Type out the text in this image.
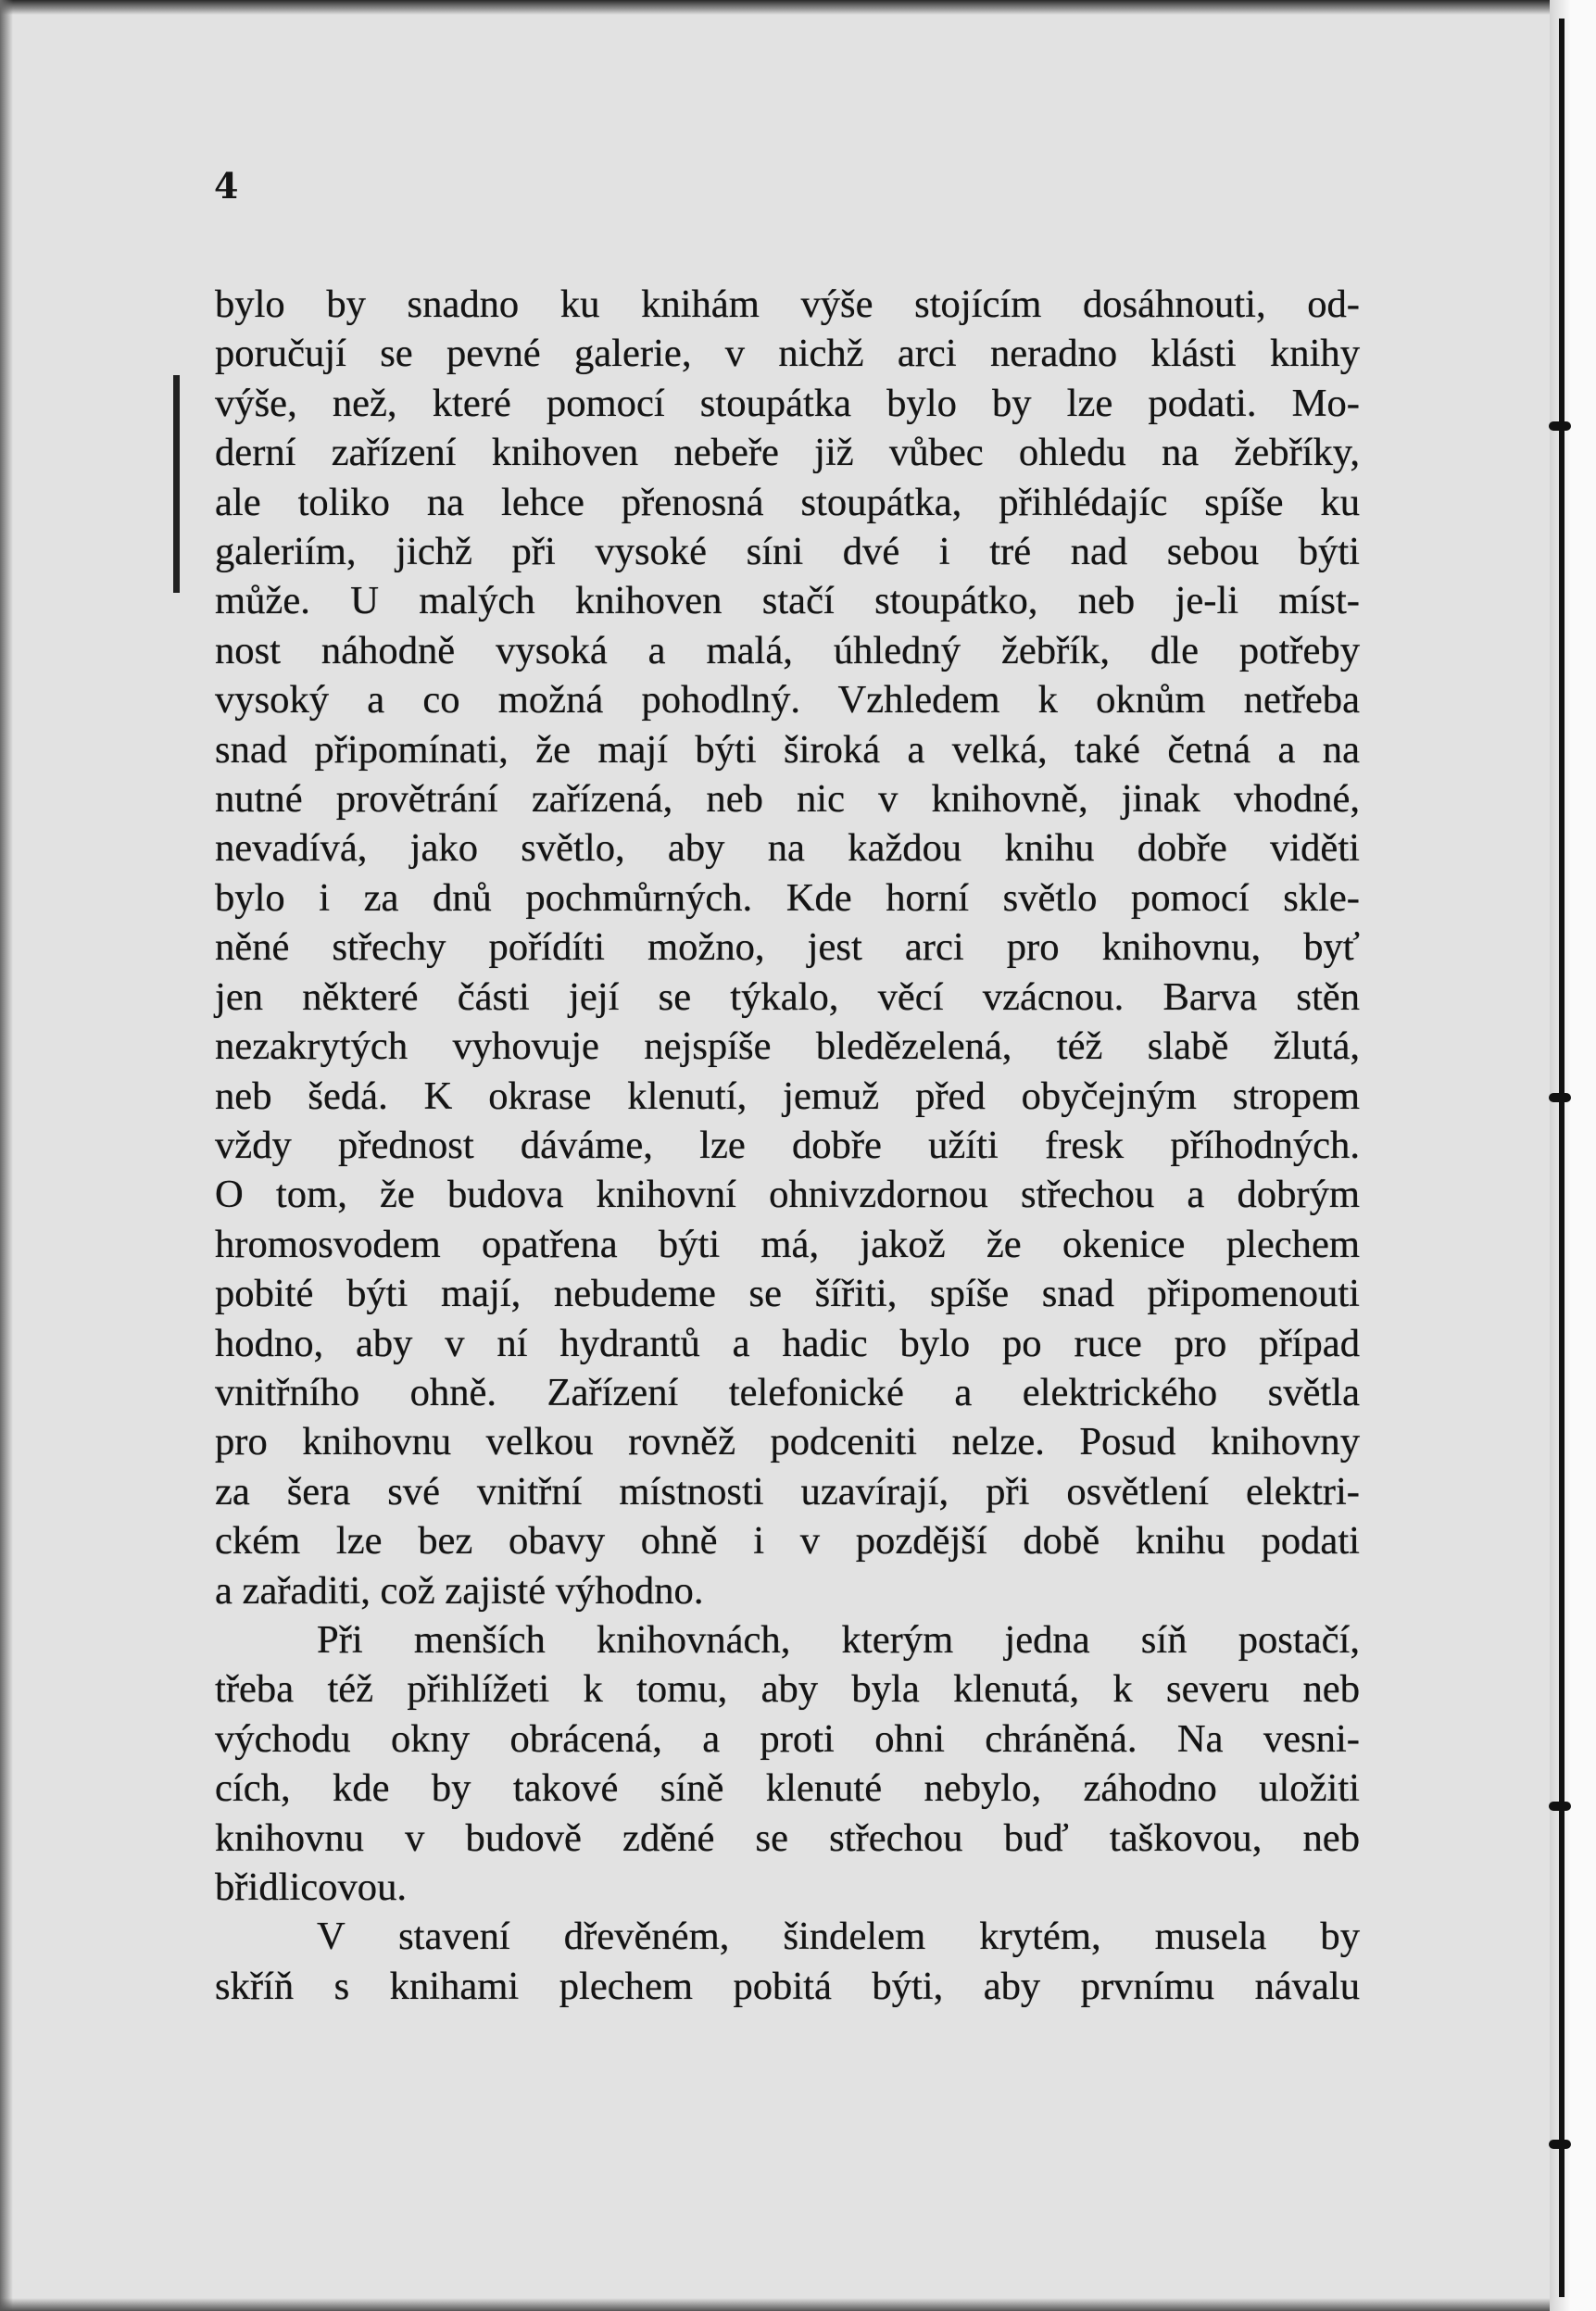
4
bylo by snadno ku knihám výše stojícím dosáhnouti, od-
poručují se pevné galerie, v nichž arci neradno klásti knihy
výše, než, které pomocí stoupátka bylo by lze podati. Mo-
derní zařízení knihoven nebeře již vůbec ohledu na žebříky,
ale toliko na lehce přenosná stoupátka, přihlédajíc spíše ku
galeriím, jichž při vysoké síni dvé i tré nad sebou býti
může. U malých knihoven stačí stoupátko, neb je-li míst-
nost náhodně vysoká a malá, úhledný žebřík, dle potřeby
vysoký a co možná pohodlný. Vzhledem k oknům netřeba
snad připomínati, že mají býti široká a velká, také četná a na
nutné provětrání zařízená, neb nic v knihovně, jinak vhodné,
nevadívá, jako světlo, aby na každou knihu dobře viděti
bylo i za dnů pochmůrných. Kde horní světlo pomocí skle-
něné střechy pořídíti možno, jest arci pro knihovnu, byť
jen některé části její se týkalo, věcí vzácnou. Barva stěn
nezakrytých vyhovuje nejspíše bledězelená, též slabě žlutá,
neb šedá. K okrase klenutí, jemuž před obyčejným stropem
vždy přednost dáváme, lze dobře užíti fresk příhodných.
O tom, že budova knihovní ohnivzdornou střechou a dobrým
hromosvodem opatřena býti má, jakož že okenice plechem
pobité býti mají, nebudeme se šířiti, spíše snad připomenouti
hodno, aby v ní hydrantů a hadic bylo po ruce pro případ
vnitřního ohně. Zařízení telefonické a elektrického světla
pro knihovnu velkou rovněž podceniti nelze. Posud knihovny
za šera své vnitřní místnosti uzavírají, při osvětlení elektri-
ckém lze bez obavy ohně i v pozdější době knihu podati
a zařaditi, což zajisté výhodno.
Při menších knihovnách, kterým jedna síň postačí,
třeba též přihlížeti k tomu, aby byla klenutá, k severu neb
východu okny obrácená, a proti ohni chráněná. Na vesni-
cích, kde by takové síně klenuté nebylo, záhodno uložiti
knihovnu v budově zděné se střechou buď taškovou, neb
břidlicovou.
V stavení dřevěném, šindelem krytém, musela by
skříň s knihami plechem pobitá býti, aby prvnímu návalu
